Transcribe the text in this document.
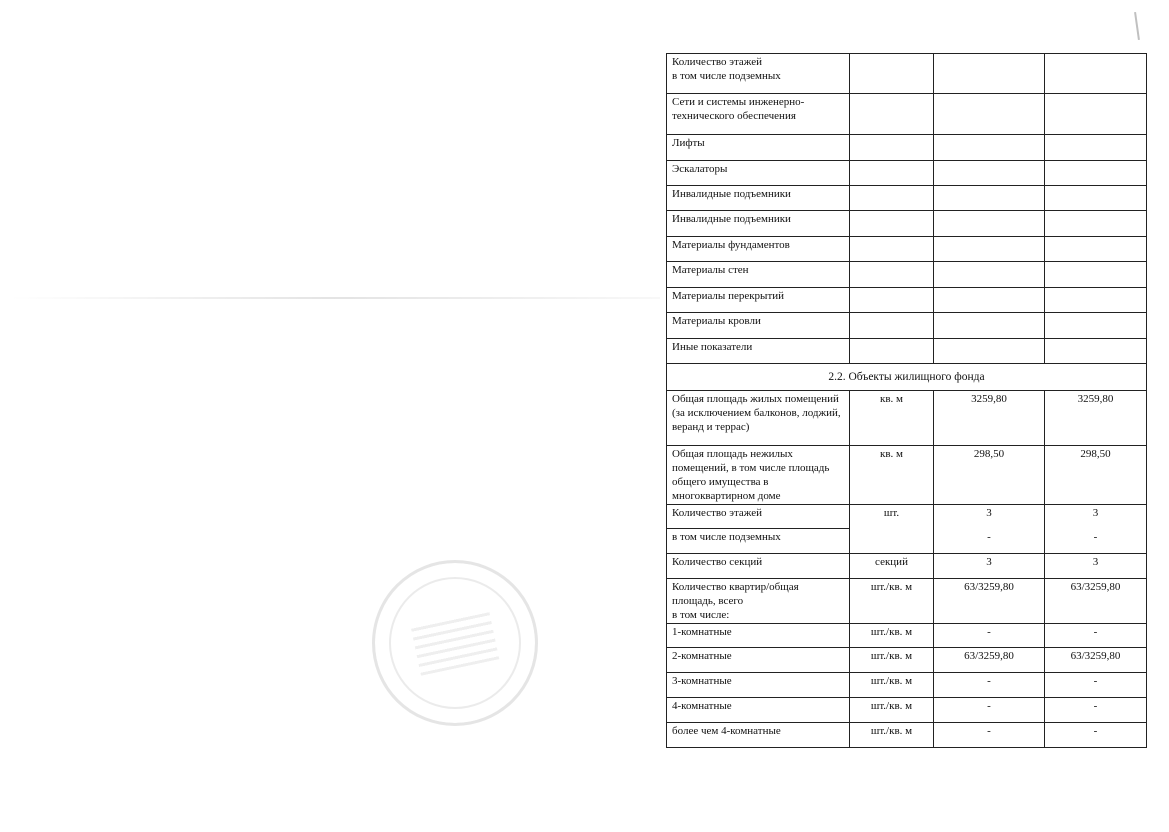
Количество этажей
в том числе подземных			

Сети и системы инженерно-технического обеспечения			
Лифты			
Эскалаторы			
Инвалидные подъемники			
Инвалидные подъемники			
Материалы фундаментов			
Материалы стен			
Материалы перекрытий			
Материалы кровли			
Иные показатели			
2.2. Объекты жилищного фонда			
Общая площадь жилых помещений (за исключением балконов, лоджий, веранд и террас)	кв. м	3259,80	3259,80
Общая площадь нежилых помещений, в том числе площадь общего имущества в многоквартирном доме	кв. м	298,50	298,50
Количество этажей	шт.	3	3
в том числе подземных		-	-
Количество секций	секций	3	3
Количество квартир/общая площадь, всего
в том числе:	шт./кв. м	63/3259,80	63/3259,80
1-комнатные	шт./кв. м	-	-
2-комнатные	шт./кв. м	63/3259,80	63/3259,80
3-комнатные	шт./кв. м	-	-
4-комнатные	шт./кв. м	-	-
более чем 4-комнатные	шт./кв. м	-	-
